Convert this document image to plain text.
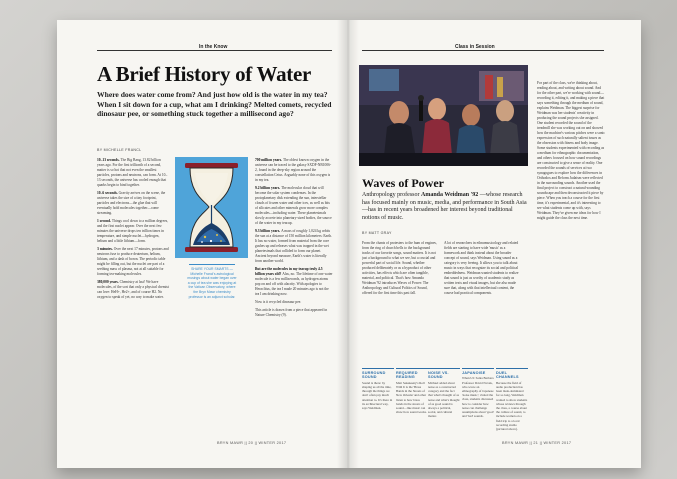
In the Know
A Brief History of Water
Where does water come from? And just how old is the water in my tea? When I sit down for a cup, what am I drinking? Melted comets, recycled dinosaur pee, or something stuck together a millisecond ago?
BY MICHELLE FRANCL

10–13 seconds. The Big Bang, 13.82 billion years ago. For the first trillionth of a second, matter is so hot that not even the smallest particles, protons and neutrons, can form. At 10–13 seconds, the universe has cooled enough that quarks begin to bind together.

10–6 seconds. Gravity arrives on the scene, the universe takes the size of a tiny footprint, particles and electrons—the glue that will eventually hold molecules together—come streaming.

1 second. Things cool down to a million degrees, and the first nuclei appear. Over the next few minutes the universe drops ten trillion times in temperature, and simple nuclei—hydrogen, helium and a little lithium—form.

3 minutes. Over the next 17 minutes, protons and neutrons fuse to produce deuterium, helium, lithium, and a dash of boron. The periodic table might be filling out, but the nuclei are part of a seething mass of plasma, not at all suitable for forming tea-making molecules.

380,000 years. Chemistry at last! We have molecules, of the sort that only a physical chemist can love: HeH+, He2+, and of course H2. No oxygen to speak of yet, no way to make water.

SHARE YOUR SMARTS — Michelle Francl's astrological musings about water began over a cup of tea she was enjoying at the Vatican Observatory, where the Bryn Mawr chemistry professor is an adjunct scholar.

700 million years. The oldest known oxygen in the universe can be traced to the galaxy SXDF-NB1006-2, found in the deep-sky region around the constellation Cetus. Arguably none of this oxygen is in my tea.

9.2 billion years. The molecular cloud that will become the solar system condenses. In the protoplanetary disk extending the sun, interstellar clouds of frozen water and other ices, as well as bits of silicates and other minerals grow more complex molecules—including water. These planetesimals slowly accrete into planetary-sized bodies, the source of the water in my teacup.

9.3 billion years. A mass of roughly 1,024 kg orbits the sun at a distance of 150 million kilometers: Earth. It has no water, formed from material from the core gushes up and releases what was trapped in the wet planetesimals that collided to form our planet. Ancient beyond measure, Earth's water is literally from another world.

But are the molecules in my teacup truly 4.5 billion years old? Alas, no. The lifetime of one water molecule is a few milliseconds, as hydrogen atoms pop on and off with alacrity. With apologies to Heraclitus, the tea I made 20 minutes ago is not the tea I am drinking now.

Now is it recycled dinosaur pee.

This article is drawn from a piece that appeared in Nature Chemistry (9).

BRYN MAWR || 20 || WINTER 2017
Class in Session
Waves of Power
Anthropology professor Amanda Weidman '92 —whose research has focused mainly on music, media, and performance in South Asia—has in recent years broadened her interest beyond traditional notions of music.
BY MATT GRAY
From the chants of protesters to the hum of engines, from the ring of church bells to the background tracks of our favorite songs, sound matters. It is not just a background to what we see, but a crucial and powerful part of social life. Sound, whether produced deliberately or as a byproduct of other activities, has effects which are often tangible, material, and political. That's how Amanda Weidman '92 introduces Waves of Power: The Anthropology and Cultural Politics of Sound, offered for the first time this past fall.
A lot of researchers in ethnomusicology and related fields are starting to have wide 'music' as a framework and think instead about the broader concept of sound, says Weidman. Using sound as a category is very freeing. It allows you to talk about music in ways that recognize its social and political embeddedness. Weidman wanted students to realize that sound is just as worthy of academic study as written texts and visual images, but she also made sure that, along with that intellectual content, the course had practical components.
For part of the class, we're thinking about, reading about, and writing about sound. And for the other part, we're working with sound—recording it, editing it, and making a piece that says something through the medium of sound, explains Weidman. The biggest surprise for Weidman was her students' creativity in producing the sound projects she assigned. One student recorded the sound of the treadmill she was working out on and showed how the machine's various pitches were a sonic expression of such naturally salient issues as the obsession with fitness and body image. Some students experimented with recording as a medium for ethnographic documentation, and others focused on how sound recordings are constructed to give a sense of reality. One recorded the sounds of services at two synagogues to explore how the differences in Orthodox and Reform Judaism were reflected in the surrounding sounds. Another used the final project to construct a natural-sounding soundscape and then deconstructed it piece by piece. When you teach a course for the first time, it's experimental, and it's interesting to see what students come up with, says Weidman. They've given me ideas for how I might guide the class the next time.
SURROUND SOUND
Sound is there: by shaping us all the time, through the things we don't often pay much attention to. It's there in its architectural way, says Weidman.
REQUIRED READING
Matt Sakakeeny's Roll With It is the 'Brass Bands in the Streets of New Orleans' and other listen to how brass bands in the streets of sound—like music can show how sound works.
NOISE VS. SOUND
Michael added about noise as a constructed category and the fact that what's thought of as noise and what's thought of as good sound is always a political, social, and cultural matter.
JAPANOISE
When UC Santa Barbara Professor David Novak, who wrote an ethnography of Japanese 'noise music,' visited the class, students discussed how to consider how noise can challenge assumptions about 'good' and 'bad' sounds.
DUEL CHANNELS
Because the field of audio production has been male-dominated for so long, Weidman wanted to show students whose reviews through the class, a course about the culture of sound, to include women on a field trip to a local recording studio (pictured above).
BRYN MAWR || 21 || WINTER 2017
